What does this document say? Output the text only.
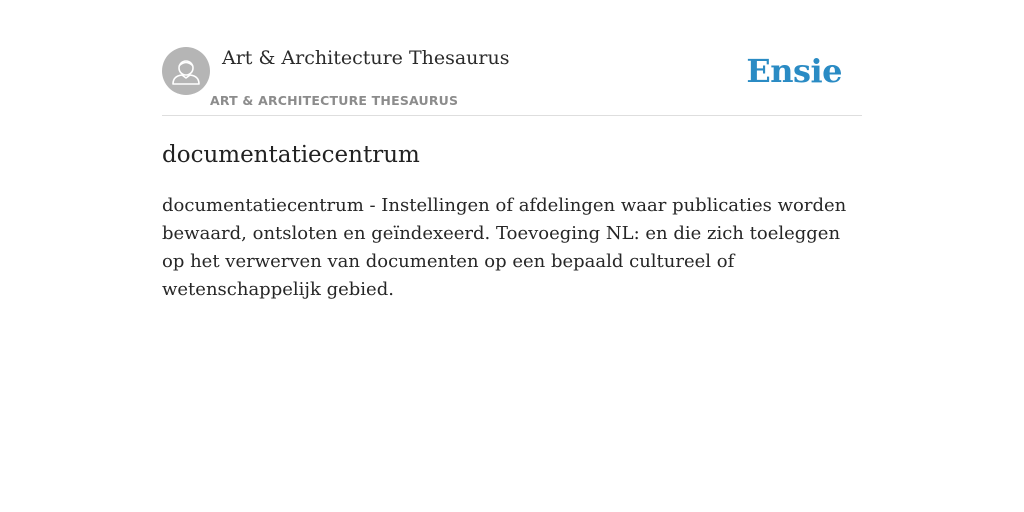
Art & Architecture Thesaurus
ART & ARCHITECTURE THESAURUS
Ensie
documentatiecentrum

documentatiecentrum - Instellingen of afdelingen waar publicaties worden bewaard, ontsloten en geïndexeerd. Toevoeging NL: en die zich toeleggen op het verwerven van documenten op een bepaald cultureel of wetenschappelijk gebied.
